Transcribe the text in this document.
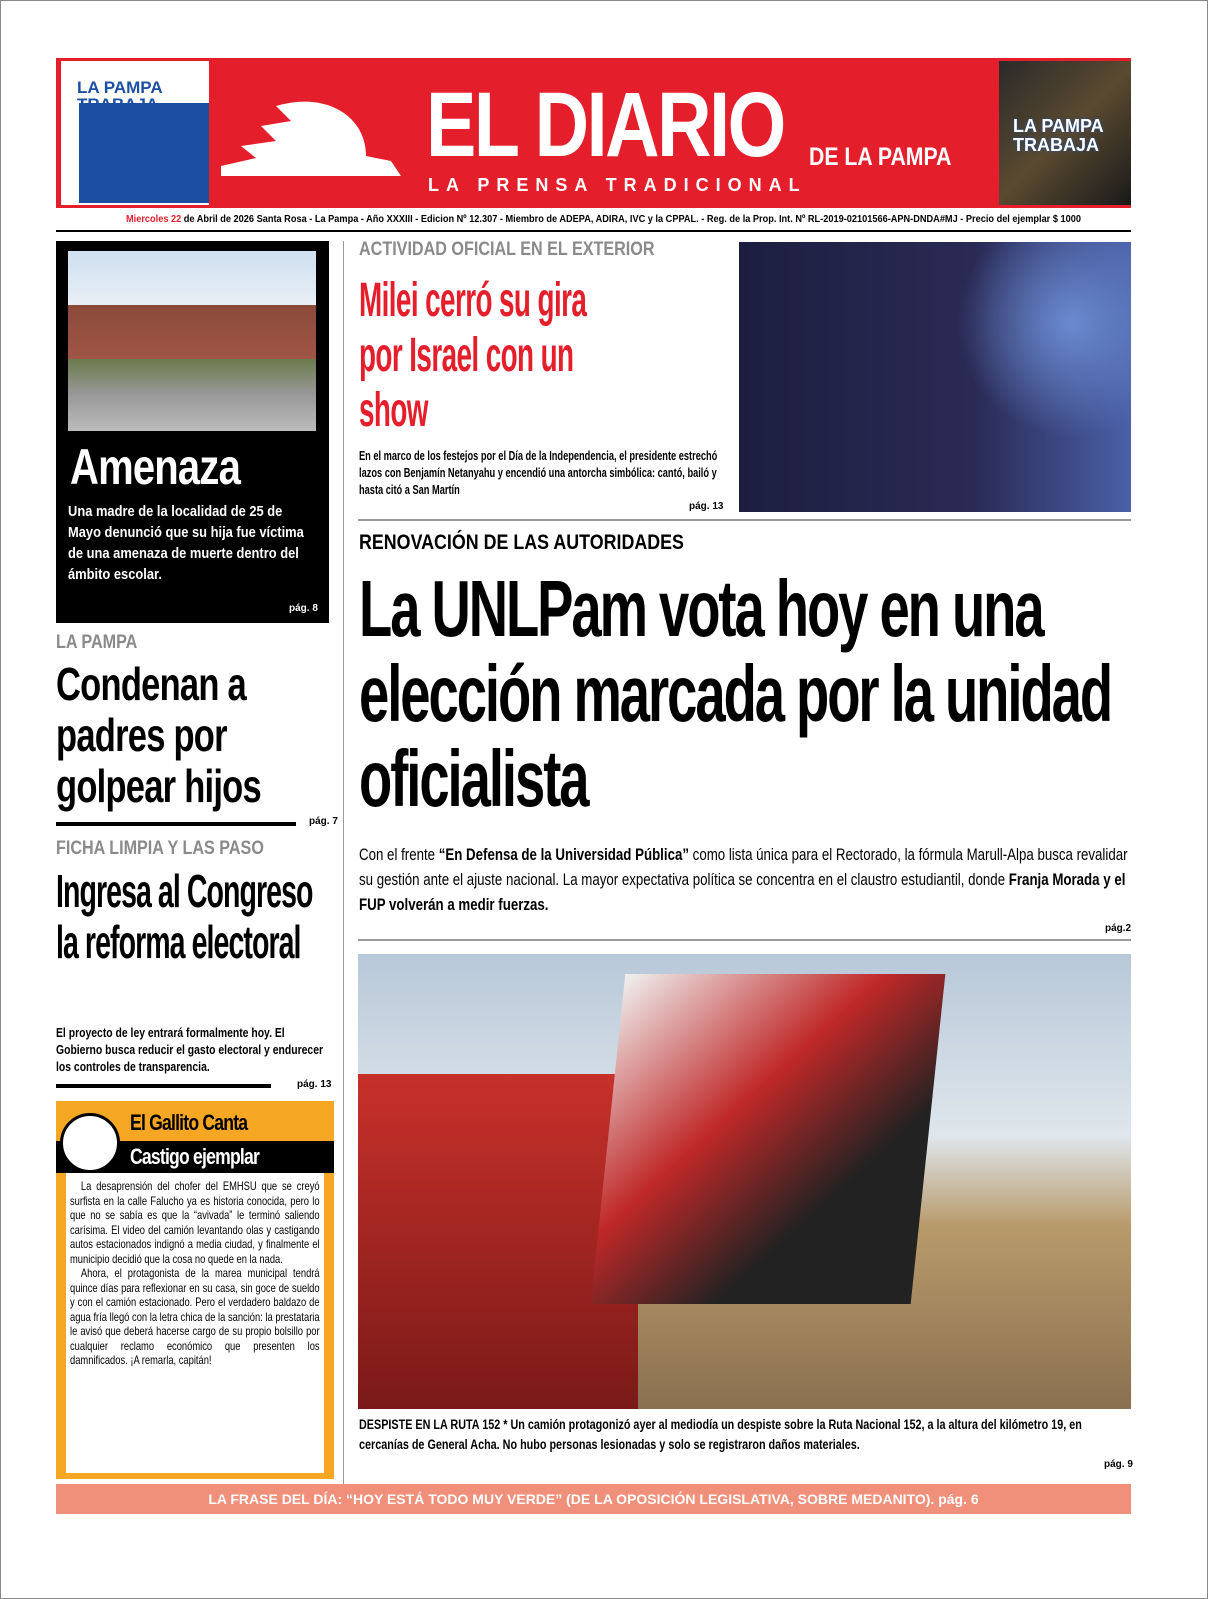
LA PAMPA TRABAJA	EL DIARIO DE LA PAMPA
LA PRENSA TRADICIONAL
LA PAMPA TRABAJA
Miercoles 22 de Abril de 2026 Santa Rosa - La Pampa - Año XXXIII - Edicion Nº 12.307 - Miembro de ADEPA, ADIRA, IVC y la CPPAL. - Reg. de la Prop. Int. Nº RL-2019-02101566-APN-DNDA#MJ - Precio del ejemplar $ 1000
Amenaza
Una madre de la localidad de 25 de Mayo denunció que su hija fue víctima de una amenaza de muerte dentro del ámbito escolar.
pág. 8
LA PAMPA
Condenan a padres por golpear hijos
pág. 7
FICHA LIMPIA Y LAS PASO
Ingresa al Congreso la reforma electoral
El proyecto de ley entrará formalmente hoy. El Gobierno busca reducir el gasto electoral y endurecer los controles de transparencia.
pág. 13
El Gallito Canta
Castigo ejemplar

La desaprensión del chofer del EMHSU que se creyó surfista en la calle Falucho ya es historia conocida, pero lo que no se sabía es que la “avivada” le terminó saliendo carísima. El video del camión levantando olas y castigando autos estacionados indignó a media ciudad, y finalmente el municipio decidió que la cosa no quede en la nada.

Ahora, el protagonista de la marea municipal tendrá quince días para reflexionar en su casa, sin goce de sueldo y con el camión estacionado. Pero el verdadero baldazo de agua fría llegó con la letra chica de la sanción: la prestataria le avisó que deberá hacerse cargo de su propio bolsillo por cualquier reclamo económico que presenten los damnificados. ¡A remarla, capitán!

ACTIVIDAD OFICIAL EN EL EXTERIOR
Milei cerró su gira por Israel con un show
En el marco de los festejos por el Día de la Independencia, el presidente estrechó lazos con Benjamín Netanyahu y encendió una antorcha simbólica: cantó, bailó y hasta citó a San Martín
pág. 13
RENOVACIÓN DE LAS AUTORIDADES
La UNLPam vota hoy en una elección marcada por la unidad oficialista
Con el frente “En Defensa de la Universidad Pública” como lista única para el Rectorado, la fórmula Marull-Alpa busca revalidar su gestión ante el ajuste nacional. La mayor expectativa política se concentra en el claustro estudiantil, donde Franja Morada y el FUP volverán a medir fuerzas.
pág.2
DESPISTE EN LA RUTA 152 * Un camión protagonizó ayer al mediodía un despiste sobre la Ruta Nacional 152, a la altura del kilómetro 19, en cercanías de General Acha. No hubo personas lesionadas y solo se registraron daños materiales.
pág. 9
LA FRASE DEL DÍA: “HOY ESTÁ TODO MUY VERDE” (DE LA OPOSICIÓN LEGISLATIVA, SOBRE MEDANITO). pág. 6
